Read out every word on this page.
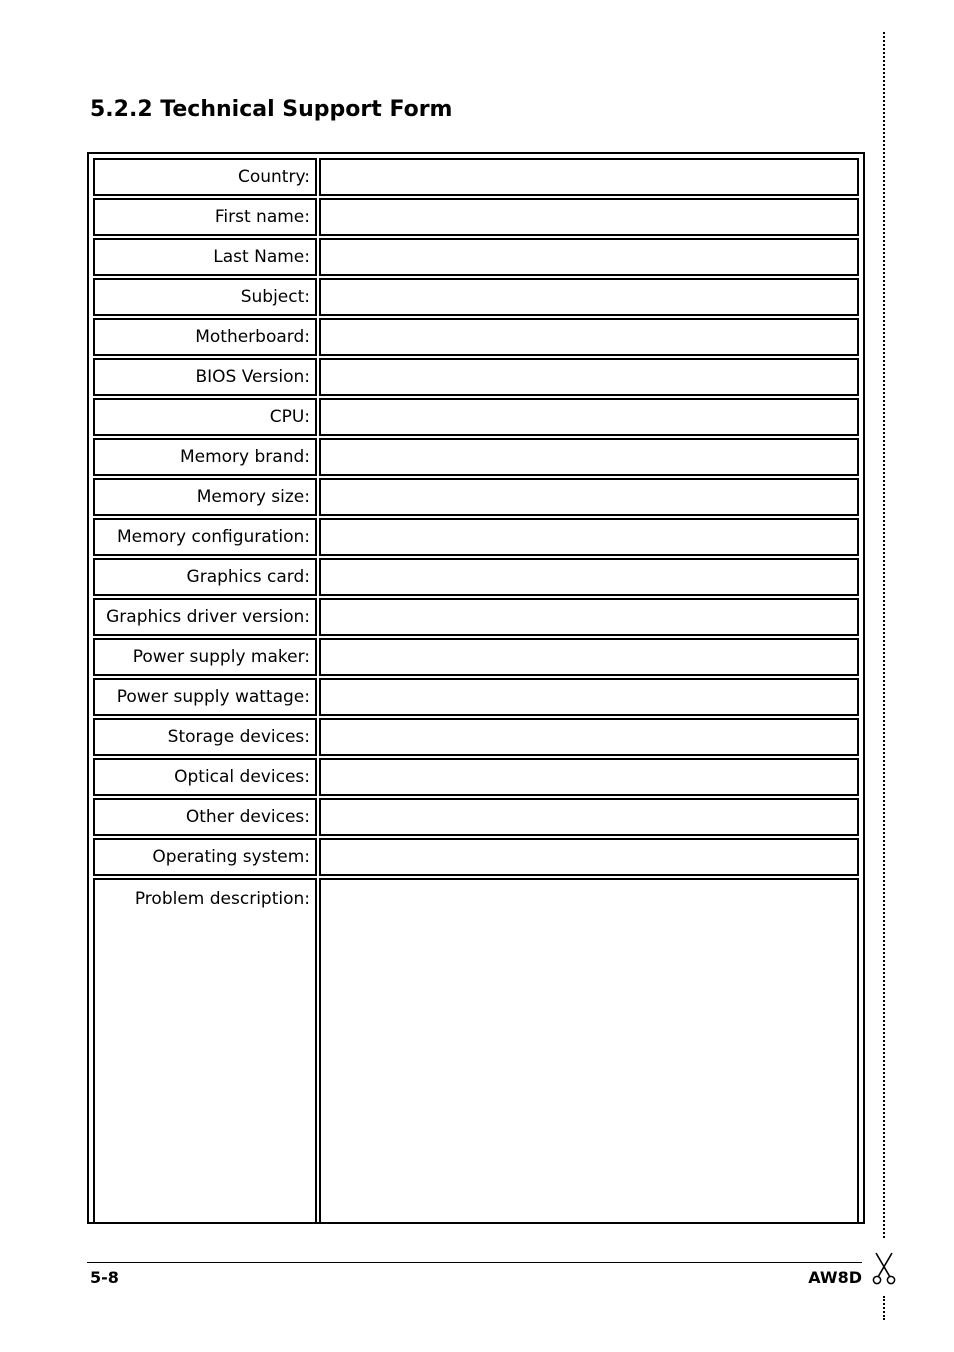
5.2.2 Technical Support Form
Country:	
First name:	
Last Name:	
Subject:	
Motherboard:	
BIOS Version:	
CPU:	
Memory brand:	
Memory size:	
Memory configuration:	
Graphics card:	
Graphics driver version:	
Power supply maker:	
Power supply wattage:	
Storage devices:	
Optical devices:	
Other devices:	
Operating system:	
Problem description:	
5-8	AW8D
